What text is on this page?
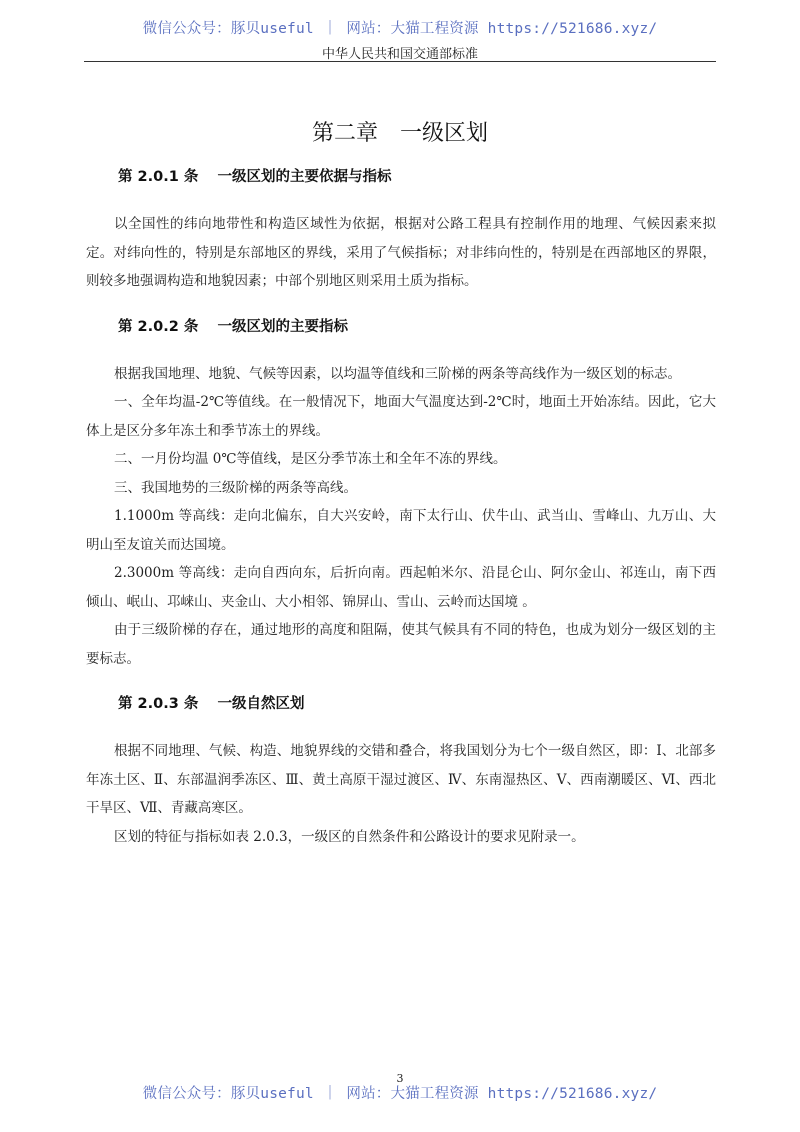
微信公众号：豚贝useful ｜ 网站：大猫工程资源 https://521686.xyz/
中华人民共和国交通部标准
第二章　一级区划
第 2.0.1 条 一级区划的主要依据与指标

以全国性的纬向地带性和构造区域性为依据，根据对公路工程具有控制作用的地理、气候因素来拟定。对纬向性的，特别是东部地区的界线，采用了气候指标；对非纬向性的，特别是在西部地区的界限，则较多地强调构造和地貌因素；中部个别地区则采用土质为指标。

第 2.0.2 条 一级区划的主要指标

根据我国地理、地貌、气候等因素，以均温等值线和三阶梯的两条等高线作为一级区划的标志。

一、全年均温-2℃等值线。在一般情况下，地面大气温度达到-2℃时，地面土开始冻结。因此，它大体上是区分多年冻土和季节冻土的界线。

二、一月份均温 0℃等值线，是区分季节冻土和全年不冻的界线。

三、我国地势的三级阶梯的两条等高线。

1.1000m 等高线：走向北偏东，自大兴安岭，南下太行山、伏牛山、武当山、雪峰山、九万山、大明山至友谊关而达国境。

2.3000m 等高线：走向自西向东，后折向南。西起帕米尔、沿昆仑山、阿尔金山、祁连山，南下西倾山、岷山、邛崃山、夹金山、大小相邻、锦屏山、雪山、云岭而达国境 。

由于三级阶梯的存在，通过地形的高度和阻隔，使其气候具有不同的特色，也成为划分一级区划的主要标志。

第 2.0.3 条 一级自然区划

根据不同地理、气候、构造、地貌界线的交错和叠合，将我国划分为七个一级自然区，即：Ⅰ、北部多年冻土区、Ⅱ、东部温润季冻区、Ⅲ、黄土高原干湿过渡区、Ⅳ、东南湿热区、Ⅴ、西南潮暖区、Ⅵ、西北干旱区、Ⅶ、青藏高寒区。

区划的特征与指标如表 2.0.3，一级区的自然条件和公路设计的要求见附录一。

3
微信公众号：豚贝useful ｜ 网站：大猫工程资源 https://521686.xyz/
